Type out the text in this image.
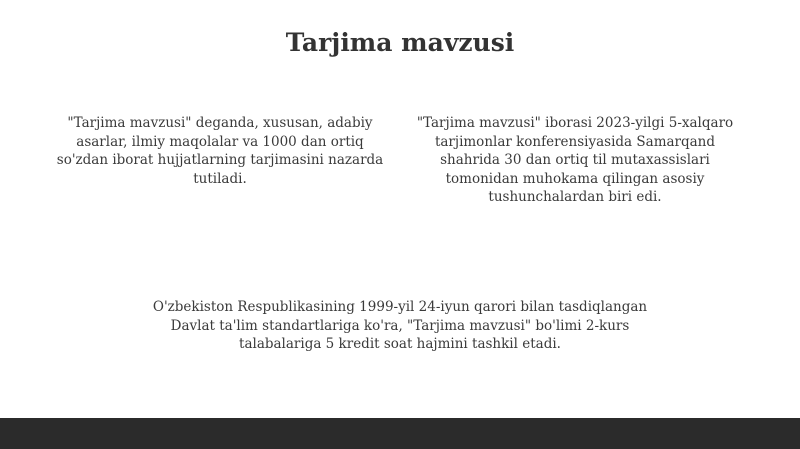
Tarjima mavzusi

"Tarjima mavzusi" deganda, xususan, adabiy asarlar, ilmiy maqolalar va 1000 dan ortiq so'zdan iborat hujjatlarning tarjimasini nazarda tutiladi.

"Tarjima mavzusi" iborasi 2023-yilgi 5-xalqaro tarjimonlar konferensiyasida Samarqand shahrida 30 dan ortiq til mutaxassislari tomonidan muhokama qilingan asosiy tushunchalardan biri edi.

O'zbekiston Respublikasining 1999-yil 24-iyun qarori bilan tasdiqlangan Davlat ta'lim standartlariga ko'ra, "Tarjima mavzusi" bo'limi 2-kurs talabalariga 5 kredit soat hajmini tashkil etadi.
